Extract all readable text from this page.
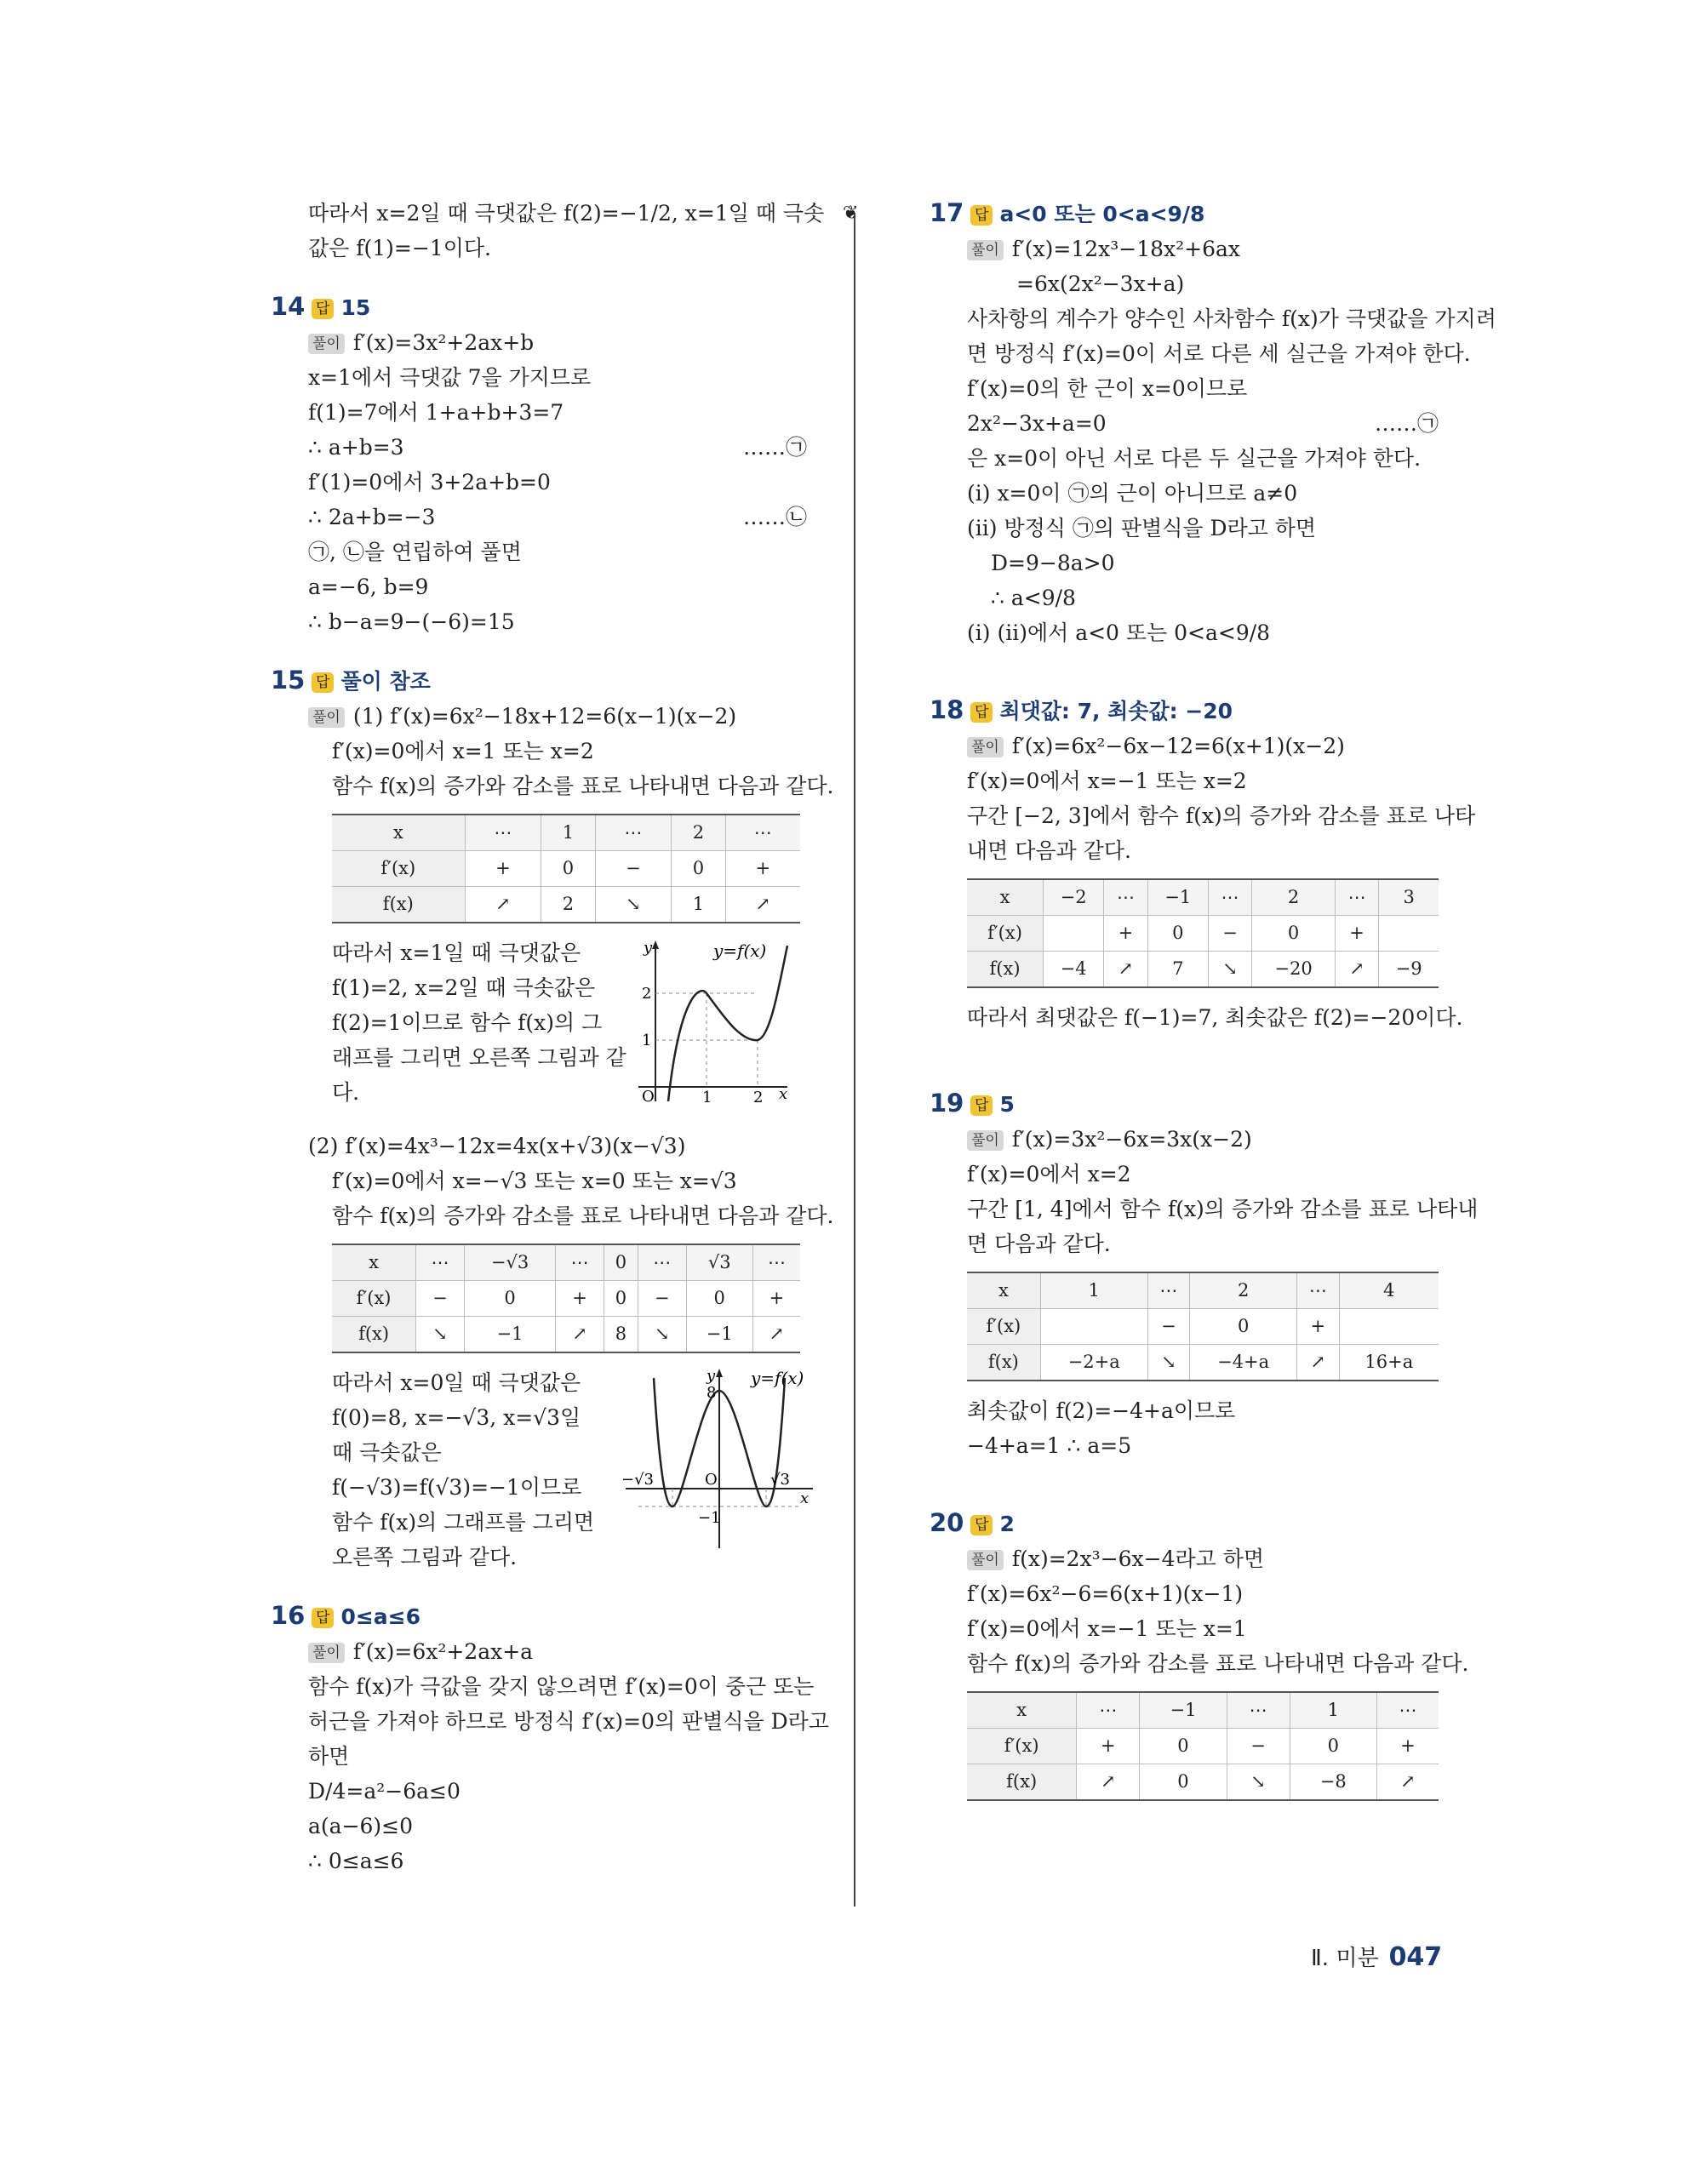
❦
따라서 x=2일 때 극댓값은 f(2)=−1/2, x=1일 때 극솟
값은 f(1)=−1이다.
14 답 15
풀이 f′(x)=3x²+2ax+b
x=1에서 극댓값 7을 가지므로
f(1)=7에서 1+a+b+3=7
∴ a+b=3	……㉠
f′(1)=0에서 3+2a+b=0
∴ 2a+b=−3	……㉡
㉠, ㉡을 연립하여 풀면
a=−6, b=9
∴ b−a=9−(−6)=15
15 답 풀이 참조
풀이 (1) f′(x)=6x²−18x+12=6(x−1)(x−2)
f′(x)=0에서 x=1 또는 x=2
함수 f(x)의 증가와 감소를 표로 나타내면 다음과 같다.
x	⋯	1	⋯	2	⋯
f′(x)	+	0	−	0	+
f(x)	↗	2	↘	1	↗
따라서 x=1일 때 극댓값은
f(1)=2, x=2일 때 극솟값은
f(2)=1이므로 함수 f(x)의 그
래프를 그리면 오른쪽 그림과 같
다.
y	y=f(x)
2
1
O	1	2 x
(2) f′(x)=4x³−12x=4x(x+√3)(x−√3)
f′(x)=0에서 x=−√3 또는 x=0 또는 x=√3
함수 f(x)의 증가와 감소를 표로 나타내면 다음과 같다.
x	⋯	−√3	⋯	0	⋯	√3	⋯
f′(x)	−	0	+	0	−	0	+
f(x)	↘	−1	↗	8	↘	−1	↗
따라서 x=0일 때 극댓값은
f(0)=8, x=−√3, x=√3일
때 극솟값은
f(−√3)=f(√3)=−1이므로
함수 f(x)의 그래프를 그리면
오른쪽 그림과 같다.
y y=f(x)
8
O
−√3	√3
−1
x
16 답 0≤a≤6
풀이 f′(x)=6x²+2ax+a
함수 f(x)가 극값을 갖지 않으려면 f′(x)=0이 중근 또는
허근을 가져야 하므로 방정식 f′(x)=0의 판별식을 D라고
하면
D/4=a²−6a≤0
a(a−6)≤0
∴ 0≤a≤6
17 답 a<0 또는 0<a<9/8
풀이 f′(x)=12x³−18x²+6ax
=6x(2x²−3x+a)
사차항의 계수가 양수인 사차함수 f(x)가 극댓값을 가지려
면 방정식 f′(x)=0이 서로 다른 세 실근을 가져야 한다.
f′(x)=0의 한 근이 x=0이므로
2x²−3x+a=0	……㉠
은 x=0이 아닌 서로 다른 두 실근을 가져야 한다.
(i) x=0이 ㉠의 근이 아니므로 a≠0
(ii) 방정식 ㉠의 판별식을 D라고 하면
D=9−8a>0
∴ a<9/8
(i) (ii)에서 a<0 또는 0<a<9/8
18 답 최댓값: 7, 최솟값: −20
풀이 f′(x)=6x²−6x−12=6(x+1)(x−2)
f′(x)=0에서 x=−1 또는 x=2
구간 [−2, 3]에서 함수 f(x)의 증가와 감소를 표로 나타
내면 다음과 같다.
x	−2	⋯	−1	⋯	2	⋯	3
f′(x)		+	0	−	0	+	
f(x)	−4	↗	7	↘	−20	↗	−9
따라서 최댓값은 f(−1)=7, 최솟값은 f(2)=−20이다.
19 답 5
풀이 f′(x)=3x²−6x=3x(x−2)
f′(x)=0에서 x=2
구간 [1, 4]에서 함수 f(x)의 증가와 감소를 표로 나타내
면 다음과 같다.
x	1	⋯	2	⋯	4
f′(x)		−	0	+	
f(x)	−2+a	↘	−4+a	↗	16+a
최솟값이 f(2)=−4+a이므로
−4+a=1 ∴ a=5
20 답 2
풀이 f(x)=2x³−6x−4라고 하면
f′(x)=6x²−6=6(x+1)(x−1)
f′(x)=0에서 x=−1 또는 x=1
함수 f(x)의 증가와 감소를 표로 나타내면 다음과 같다.
x	⋯	−1	⋯	1	⋯
f′(x)	+	0	−	0	+
f(x)	↗	0	↘	−8	↗
Ⅱ. 미분 047
